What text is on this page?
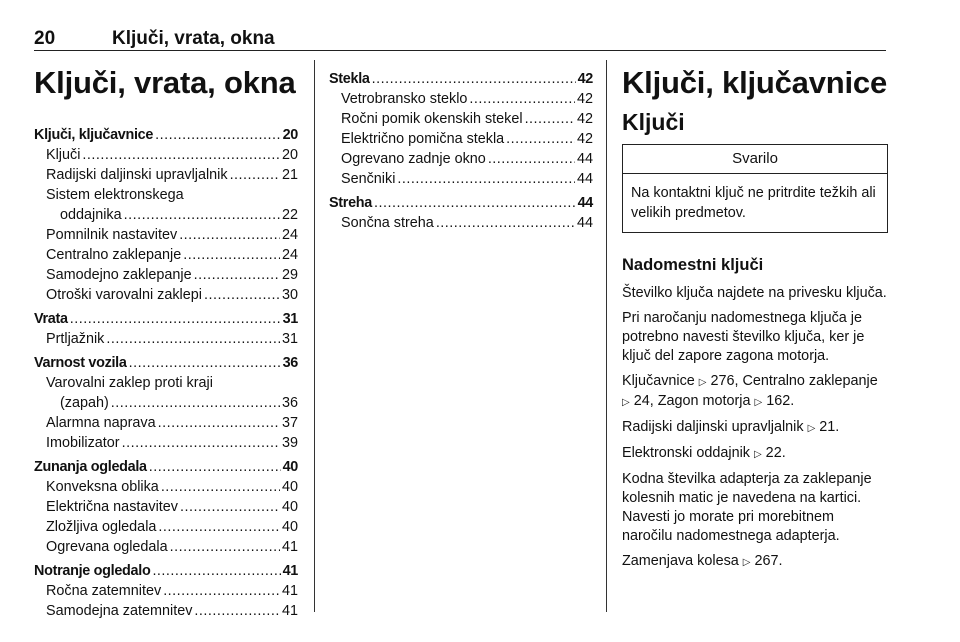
20	Ključi, vrata, okna
Ključi, vrata, okna
Ključi, ključavnice .....	20
Ključi .....	20
Radijski daljinski upravljalnik .....	21
Sistem elektronskega
oddajnika .....	22
Pomnilnik nastavitev .....	24
Centralno zaklepanje .....	24
Samodejno zaklepanje .....	29
Otroški varovalni zaklepi .....	30
Vrata .....	31
Prtljažnik .....	31
Varnost vozila .....	36
Varovalni zaklep proti kraji
(zapah) .....	36
Alarmna naprava .....	37
Imobilizator .....	39
Zunanja ogledala .....	40
Konveksna oblika .....	40
Električna nastavitev .....	40
Zložljiva ogledala .....	40
Ogrevana ogledala .....	41
Notranje ogledalo .....	41
Ročna zatemnitev .....	41
Samodejna zatemnitev .....	41
Stekla .....	42
Vetrobransko steklo .....	42
Ročni pomik okenskih stekel .....	42
Električno pomična stekla .....	42
Ogrevano zadnje okno .....	44
Senčniki .....	44
Streha .....	44
Sončna streha .....	44
Ključi, ključavnice
Ključi
Svarilo
Na kontaktni ključ ne pritrdite težkih ali velikih predmetov.
Nadomestni ključi

Številko ključa najdete na privesku ključa.

Pri naročanju nadomestnega ključa je potrebno navesti številko ključa, ker je ključ del zapore zagona motorja.

Ključavnice ▷ 276, Centralno zaklepanje ▷ 24, Zagon motorja ▷ 162.

Radijski daljinski upravljalnik ▷ 21.

Elektronski oddajnik ▷ 22.

Kodna številka adapterja za zaklepanje kolesnih matic je navedena na kartici. Navesti jo morate pri morebitnem naročilu nadomestnega adapterja.

Zamenjava kolesa ▷ 267.
